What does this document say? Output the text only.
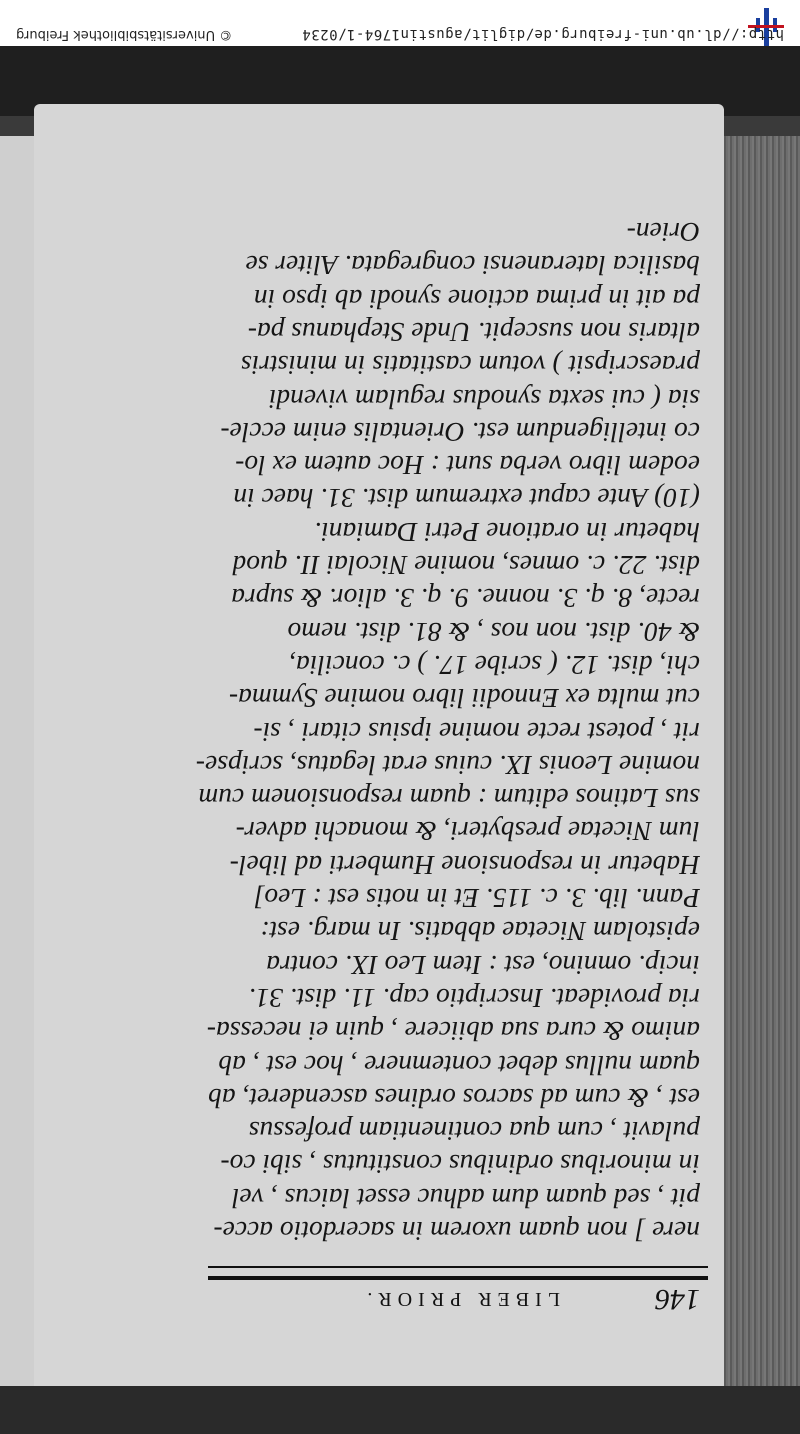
© Universitätsbibliothek Freiburg	http://dl.ub.uni-freiburg.de/diglit/agustin1764-1/0234
146
LIBER PRIOR.
nere ] non quam uxorem in sacerdotio acce-
pit , sed quam dum adhuc esset laicus , vel
in minoribus ordinibus constitutus , sibi co-
pulavit , cum qua continentiam professus
est , & cum ad sacros ordines ascenderet, ab
quam nullus debet contemnere , hoc est , ab
animo & cura sua abiicere , quin ei necessa-
ria provideat. Inscriptio cap. 11. dist. 31.
incip. omnino, est : Item Leo IX. contra
epistolam Nicetae abbatis. In marg. est:
Pann. lib. 3. c. 115. Et in notis est : Leo]
Habetur in responsione Humberti ad libel-
lum Nicetae presbyteri, & monachi adver-
sus Latinos editum : quam responsionem cum
nomine Leonis IX. cuius erat legatus, scripse-
rit , potest recte nomine ipsius citari , si-
cut multa ex Ennodii libro nomine Symma-
chi, dist. 12. ( scribe 17. ) c. concilia,
& 40. dist. non nos , & 81. dist. nemo
recte, 8. q. 3. nonne. 9. q. 3. alior. & supra
dist. 22. c. omnes, nomine Nicolai II. quod
habetur in oratione Petri Damiani.
(10) Ante caput extremum dist. 31. haec in
eodem libro verba sunt : Hoc autem ex lo-
co intelligendum est. Orientalis enim eccle-
sia ( cui sexta synodus regulam vivendi
praescripsit ) votum castitatis in ministris
altaris non suscepit. Unde Stephanus pa-
pa ait in prima actione synodi ab ipso in
basilica lateranensi congregata. Aliter se
Orien-
